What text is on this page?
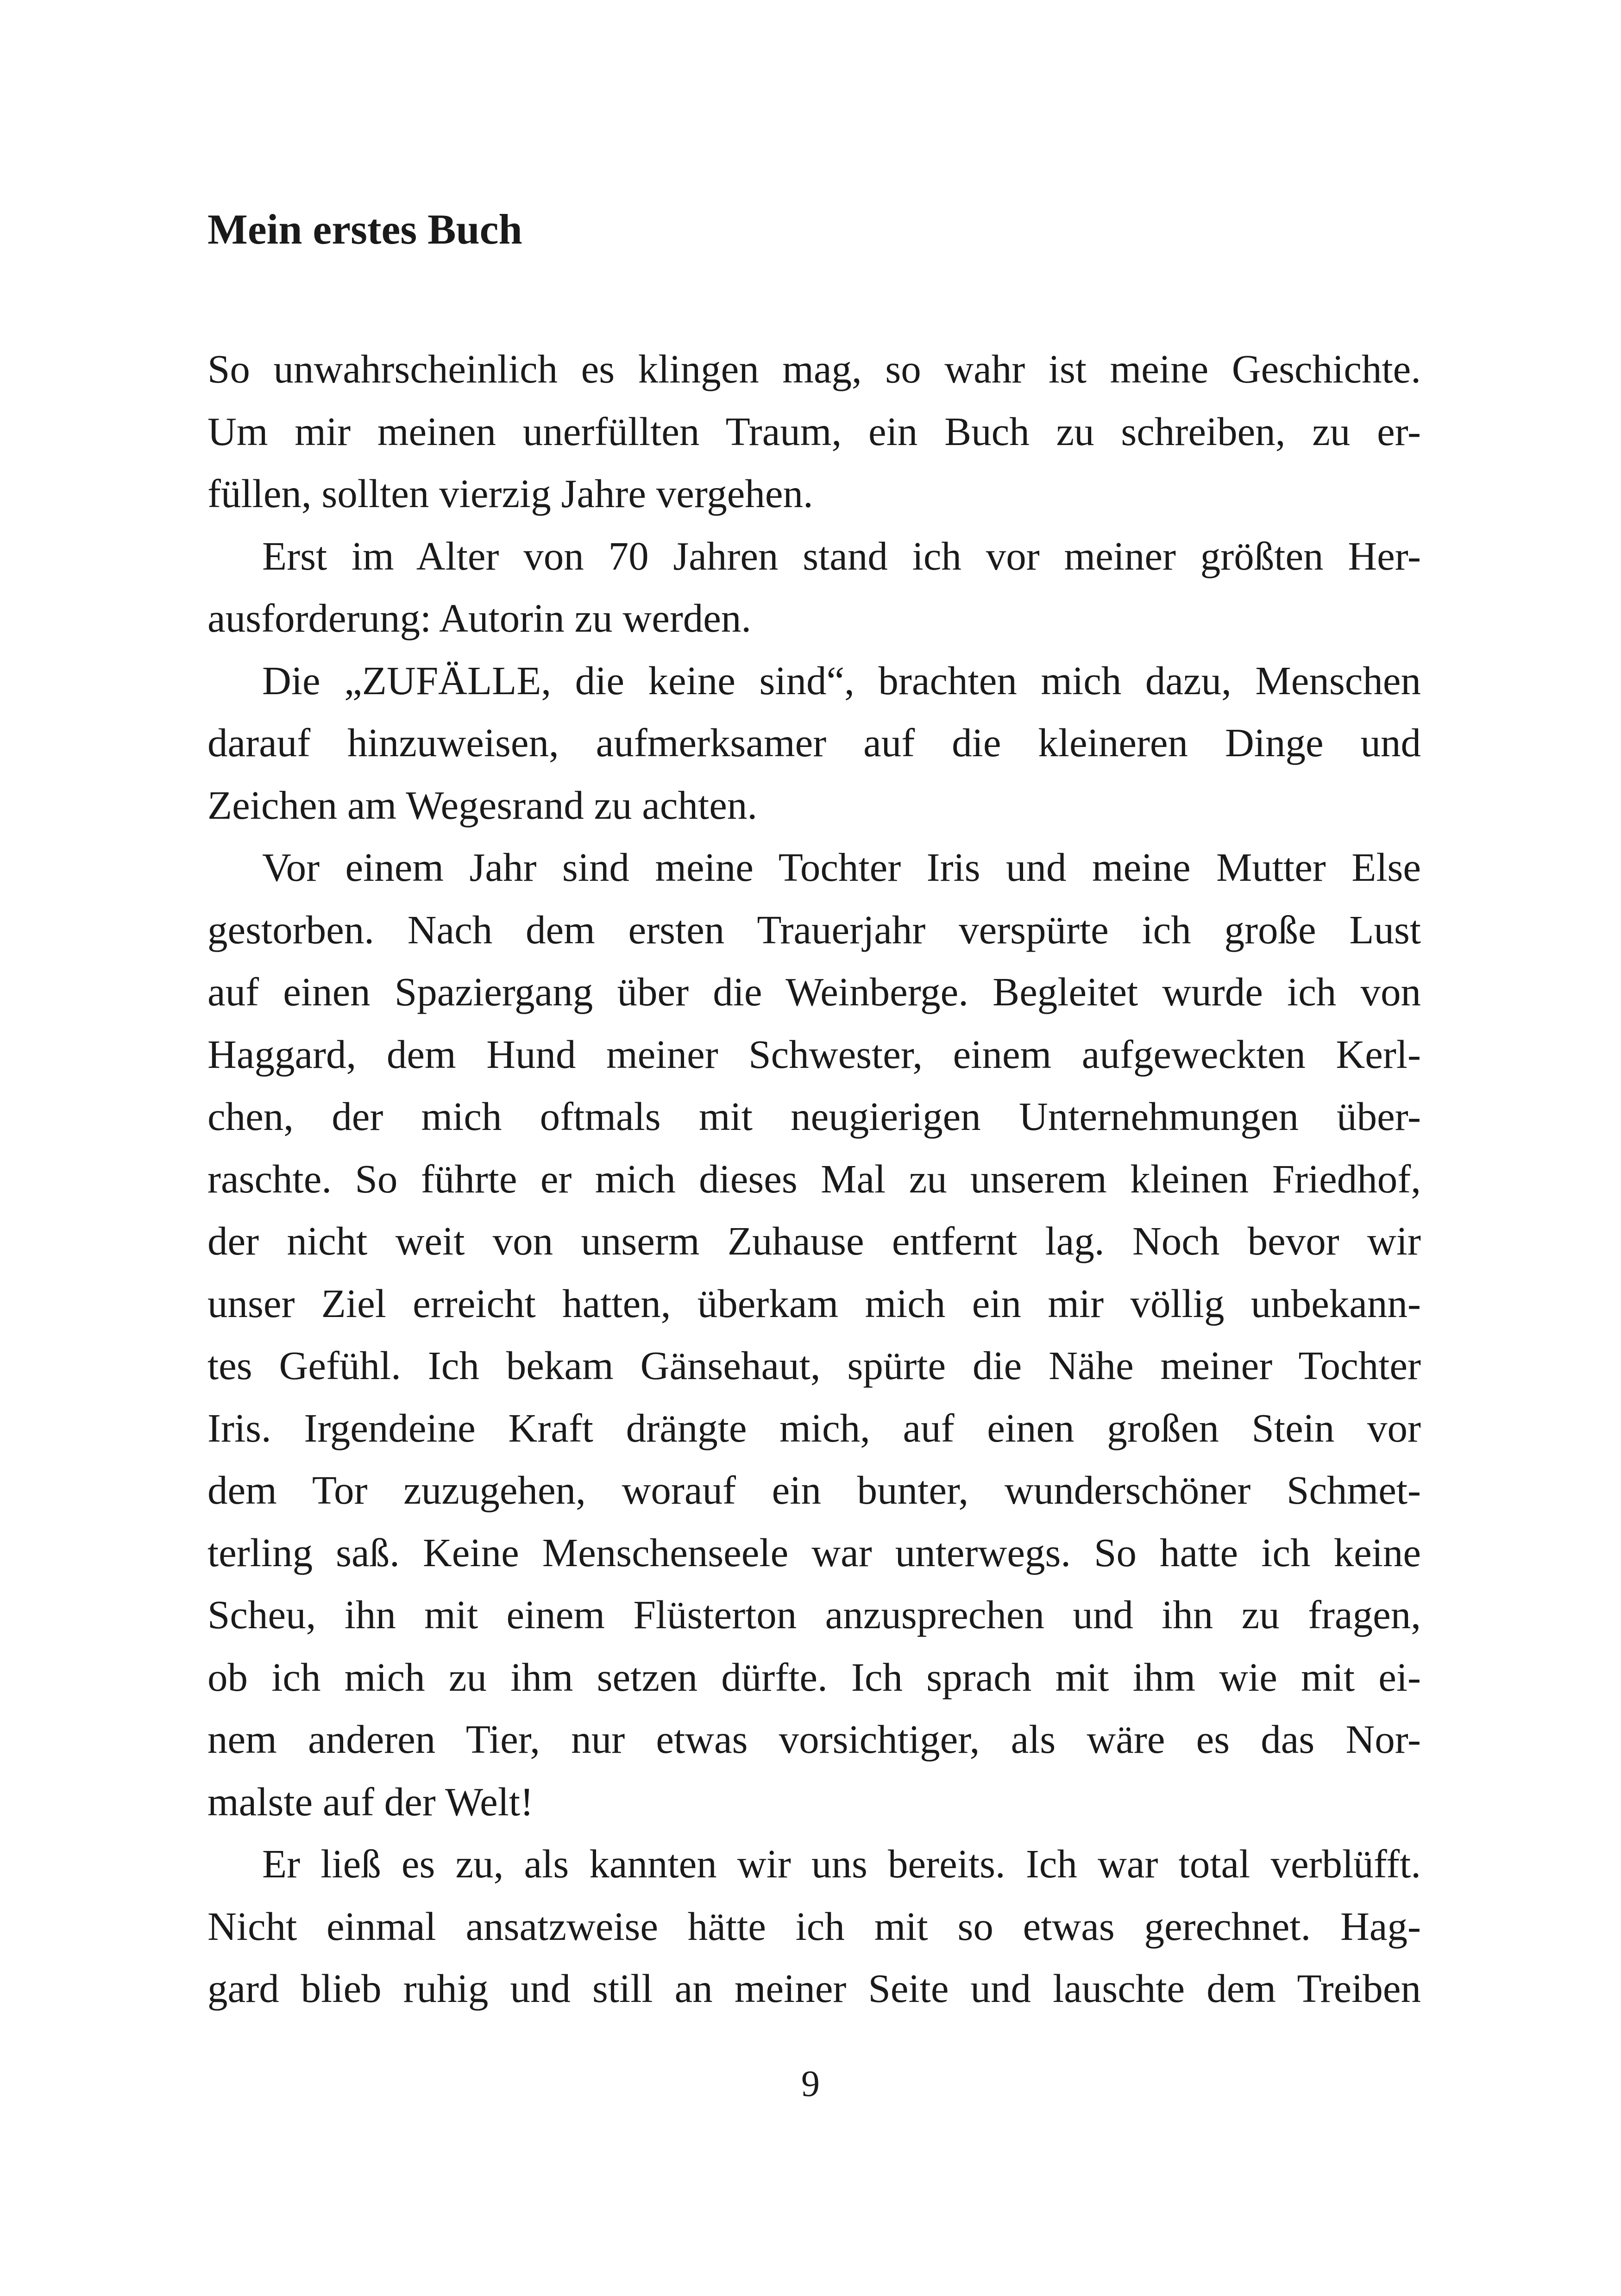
Mein erstes Buch
So unwahrscheinlich es klingen mag, so wahr ist meine Geschichte.
Um mir meinen unerfüllten Traum, ein Buch zu schreiben, zu er-
füllen, sollten vierzig Jahre vergehen.
Erst im Alter von 70 Jahren stand ich vor meiner größten Her-
ausforderung: Autorin zu werden.
Die „ZUFÄLLE, die keine sind“, brachten mich dazu, Menschen
darauf hinzuweisen, aufmerksamer auf die kleineren Dinge und
Zeichen am Wegesrand zu achten.
Vor einem Jahr sind meine Tochter Iris und meine Mutter Else
gestorben. Nach dem ersten Trauerjahr verspürte ich große Lust
auf einen Spaziergang über die Weinberge. Begleitet wurde ich von
Haggard, dem Hund meiner Schwester, einem aufgeweckten Kerl-
chen, der mich oftmals mit neugierigen Unternehmungen über-
raschte. So führte er mich dieses Mal zu unserem kleinen Friedhof,
der nicht weit von unserm Zuhause entfernt lag. Noch bevor wir
unser Ziel erreicht hatten, überkam mich ein mir völlig unbekann-
tes Gefühl. Ich bekam Gänsehaut, spürte die Nähe meiner Tochter
Iris. Irgendeine Kraft drängte mich, auf einen großen Stein vor
dem Tor zuzugehen, worauf ein bunter, wunderschöner Schmet-
terling saß. Keine Menschenseele war unterwegs. So hatte ich keine
Scheu, ihn mit einem Flüsterton anzusprechen und ihn zu fragen,
ob ich mich zu ihm setzen dürfte. Ich sprach mit ihm wie mit ei-
nem anderen Tier, nur etwas vorsichtiger, als wäre es das Nor-
malste auf der Welt!
Er ließ es zu, als kannten wir uns bereits. Ich war total verblüfft.
Nicht einmal ansatzweise hätte ich mit so etwas gerechnet. Hag-
gard blieb ruhig und still an meiner Seite und lauschte dem Treiben
9
